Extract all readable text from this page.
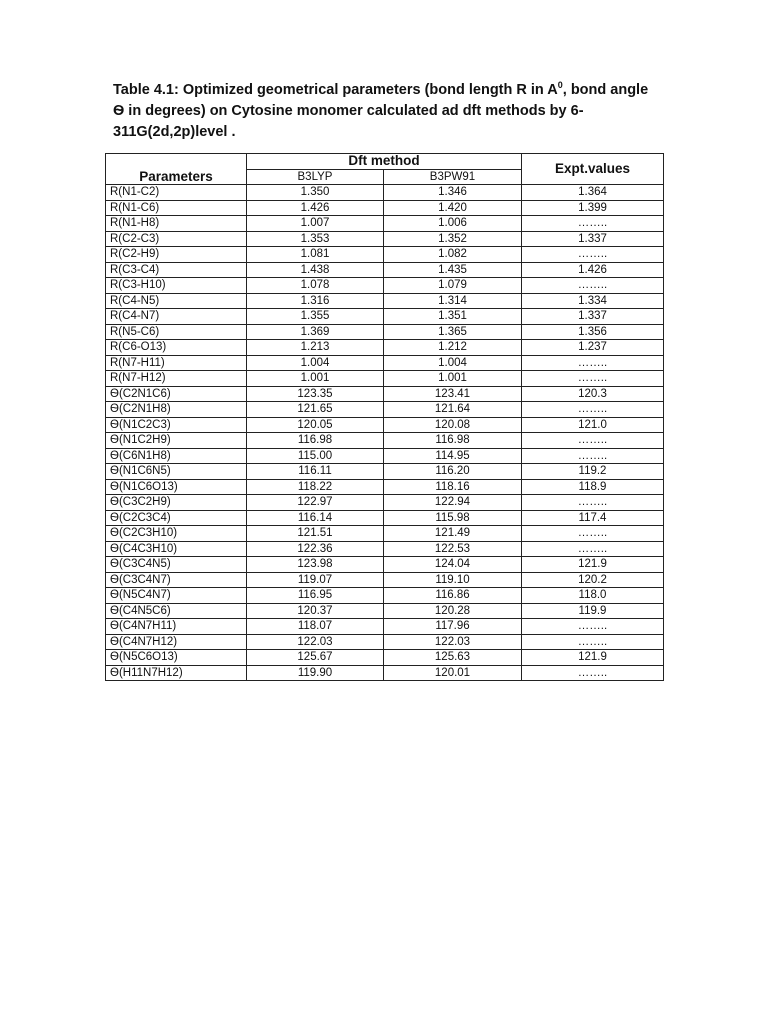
Table 4.1: Optimized geometrical parameters (bond length R in $A^0$, bond angle Ѳ in degrees) on Cytosine monomer calculated ad dft methods by 6-311G(2d,2p)level .

Parameters	Dft method		Expt.values
	B3LYP	B3PW91	
R(N1-C2)	1.350	1.346	1.364
R(N1-C6)	1.426	1.420	1.399
R(N1-H8)	1.007	1.006	……..
R(C2-C3)	1.353	1.352	1.337
R(C2-H9)	1.081	1.082	……..
R(C3-C4)	1.438	1.435	1.426
R(C3-H10)	1.078	1.079	……..
R(C4-N5)	1.316	1.314	1.334
R(C4-N7)	1.355	1.351	1.337
R(N5-C6)	1.369	1.365	1.356
R(C6-O13)	1.213	1.212	1.237
R(N7-H11)	1.004	1.004	……..
R(N7-H12)	1.001	1.001	……..
Ѳ(C2N1C6)	123.35	123.41	120.3
Ѳ(C2N1H8)	121.65	121.64	……..
Ѳ(N1C2C3)	120.05	120.08	121.0
Ѳ(N1C2H9)	116.98	116.98	……..
Ѳ(C6N1H8)	115.00	114.95	……..
Ѳ(N1C6N5)	116.11	116.20	119.2
Ѳ(N1C6O13)	118.22	118.16	118.9
Ѳ(C3C2H9)	122.97	122.94	……..
Ѳ(C2C3C4)	116.14	115.98	117.4
Ѳ(C2C3H10)	121.51	121.49	……..
Ѳ(C4C3H10)	122.36	122.53	……..
Ѳ(C3C4N5)	123.98	124.04	121.9
Ѳ(C3C4N7)	119.07	119.10	120.2
Ѳ(N5C4N7)	116.95	116.86	118.0
Ѳ(C4N5C6)	120.37	120.28	119.9
Ѳ(C4N7H11)	118.07	117.96	……..
Ѳ(C4N7H12)	122.03	122.03	……..
Ѳ(N5C6O13)	125.67	125.63	121.9
Ѳ(H11N7H12)	119.90	120.01	……..
